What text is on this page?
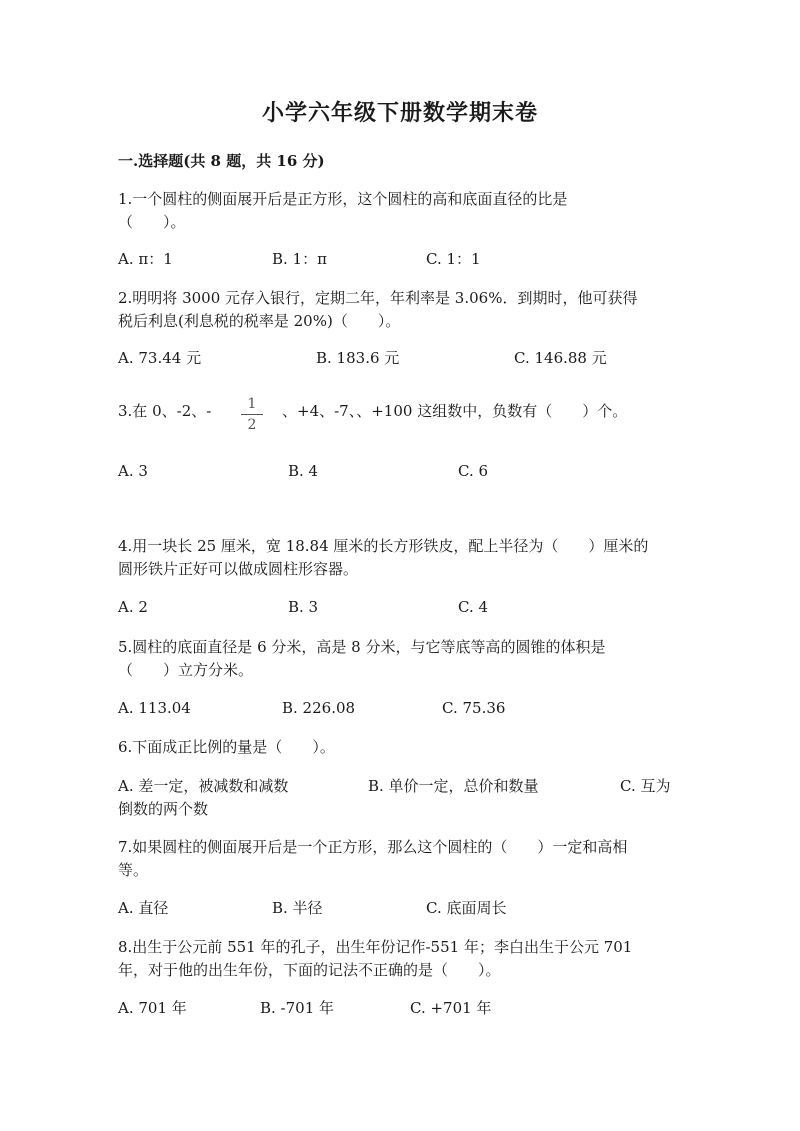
小学六年级下册数学期末卷
一.选择题(共 8 题，共 16 分)
1.一个圆柱的侧面展开后是正方形，这个圆柱的高和底面直径的比是
（　　）。
A. π：1	B. 1：π	C. 1：1
2.明明将 3000 元存入银行，定期二年，年利率是 3.06%．到期时，他可获得
税后利息(利息税的税率是 20%)（　　）。
A. 73.44 元	B. 183.6 元	C. 146.88 元
3.在 0、-2、-	1
2
、+4、-7、、+100 这组数中，负数有（　　）个。
A. 3	B. 4	C. 6
4.用一块长 25 厘米，宽 18.84 厘米的长方形铁皮，配上半径为（　　）厘米的
圆形铁片正好可以做成圆柱形容器。
A. 2	B. 3	C. 4
5.圆柱的底面直径是 6 分米，高是 8 分米，与它等底等高的圆锥的体积是
（　　）立方分米。
A. 113.04	B. 226.08	C. 75.36
6.下面成正比例的量是（　　）。
A. 差一定，被减数和减数	B. 单价一定，总价和数量	C. 互为
倒数的两个数
7.如果圆柱的侧面展开后是一个正方形，那么这个圆柱的（　　）一定和高相
等。
A. 直径	B. 半径	C. 底面周长
8.出生于公元前 551 年的孔子，出生年份记作-551 年；李白出生于公元 701
年，对于他的出生年份，下面的记法不正确的是（　　）。
A. 701 年	B. -701 年	C. +701 年
